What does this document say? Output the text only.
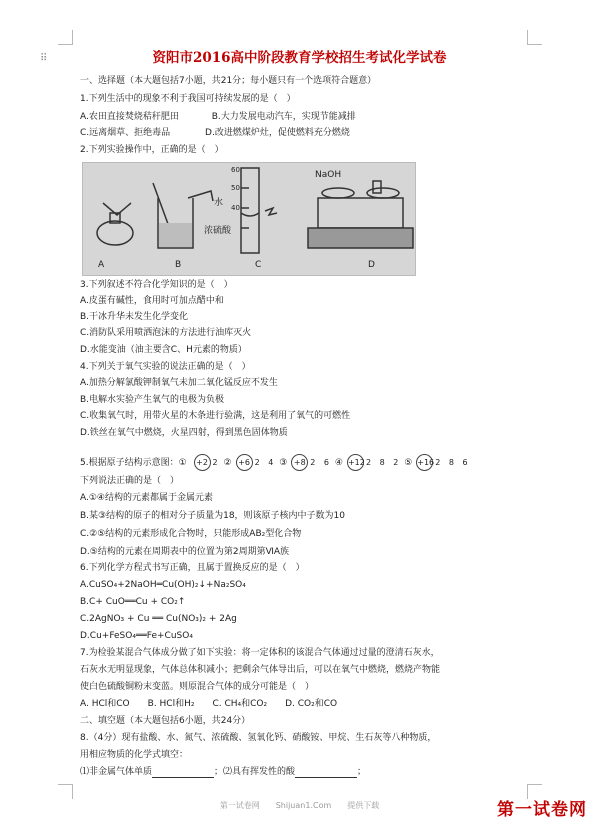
⠿	资阳市2016高中阶段教育学校招生考试化学试卷
一、选择题（本大题包括7小题，共21分；每小题只有一个选项符合题意）
1.下列生活中的现象不利于我国可持续发展的是（　）
A.农田直接焚烧秸秆肥田	B.大力发展电动汽车，实现节能减排
C.远离烟草、拒绝毒品	D.改进燃煤炉灶，促使燃料充分燃烧
2.下列实验操作中，正确的是（　）
水
浓硫酸
40
50
60	NaOH
A	B	C	D
3.下列叙述不符合化学知识的是（　）
A.皮蛋有碱性，食用时可加点醋中和
B.干冰升华未发生化学变化
C.消防队采用喷洒泡沫的方法进行油库灭火
D.水能变油（油主要含C、H元素的物质）
4.下列关于氧气实验的说法正确的是（　）
A.加热分解氯酸钾制氧气未加二氧化锰反应不发生
B.电解水实验产生氧气的电极为负极
C.收集氧气时，用带火星的木条进行验满，这是利用了氧气的可燃性
D.铁丝在氧气中燃烧，火星四射，得到黑色固体物质
5.根据原子结构示意图：① +2 2 ② +6 2 4 ③ +8 2 6 ④ +122 8 2 ⑤ +162 8 6
下列说法正确的是（　）
A.①④结构的元素都属于金属元素
B.某③结构的原子的相对分子质量为18，则该原子核内中子数为10
C.②⑤结构的元素形成化合物时，只能形成AB₂型化合物
D.⑤结构的元素在周期表中的位置为第2周期第ⅥA族
6.下列化学方程式书写正确，且属于置换反应的是（　）
A.CuSO₄+2NaOH═Cu(OH)₂↓+Na₂SO₄
B.C+ CuO══Cu + CO₂↑
C.2AgNO₃ + Cu ══ Cu(NO₃)₂ + 2Ag
D.Cu+FeSO₄══Fe+CuSO₄
7.为检验某混合气体成分做了如下实验：将一定体积的该混合气体通过过量的澄清石灰水，
石灰水无明显现象，气体总体积减小；把剩余气体导出后，可以在氧气中燃烧，燃烧产物能
使白色硫酸铜粉末变蓝。则原混合气体的成分可能是（　）
A. HCl和CO　　B. HCl和H₂　　C. CH₄和CO₂　　D. CO₂和CO
二、填空题（本大题包括6小题，共24分）
8.（4分）现有盐酸、水、氮气、浓硫酸、氢氧化钙、硝酸铵、甲烷、生石灰等八种物质，
用相应物质的化学式填空：
⑴非金属气体单质	；⑵具有挥发性的酸	；
第一试卷网　　Shijuan1.Com　　提供下载	第一试卷网
